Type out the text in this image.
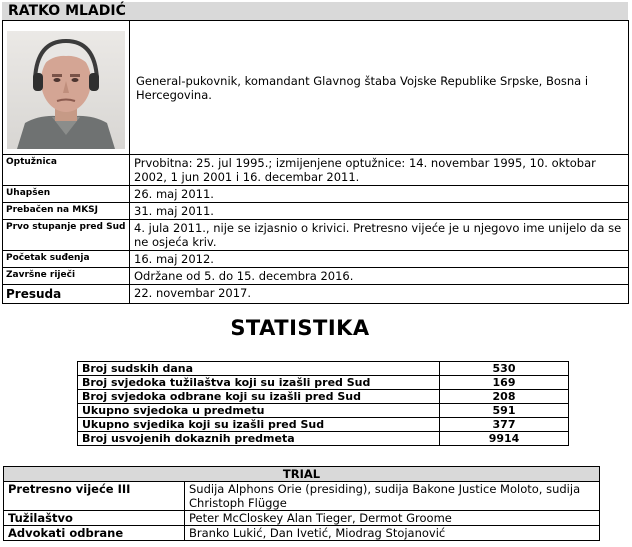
RATKO MLADIĆ
	General-pukovnik, komandant Glavnog štaba Vojske Republike Srpske, Bosna i Hercegovina.
Optužnica	Prvobitna: 25. jul 1995.; izmijenjene optužnice: 14. novembar 1995, 10. oktobar 2002, 1 jun 2001 i 16. decembar 2011.
Uhapšen	26. maj 2011.
Prebačen na MKSJ	31. maj 2011.
Prvo stupanje pred Sud	4. jula 2011., nije se izjasnio o krivici. Pretresno vijeće je u njegovo ime unijelo da se ne osjeća kriv.
Početak suđenja	16. maj 2012.
Završne riječi	Održane od 5. do 15. decembra 2016.
Presuda	22. novembar 2017.
STATISTIKA
Broj sudskih dana	530
Broj svjedoka tužilaštva koji su izašli pred Sud	169
Broj svjedoka odbrane koji su izašli pred Sud	208
Ukupno svjedoka u predmetu	591
Ukupno svjedika koji su izašli pred Sud	377
Broj usvojenih dokaznih predmeta	9914
TRIAL	
Pretresno vijeće III	Sudija Alphons Orie (presiding), sudija Bakone Justice Moloto, sudija Christoph Flügge
Tužilaštvo	Peter McCloskey Alan Tieger, Dermot Groome
Advokati odbrane	Branko Lukić, Dan Ivetić, Miodrag Stojanović
